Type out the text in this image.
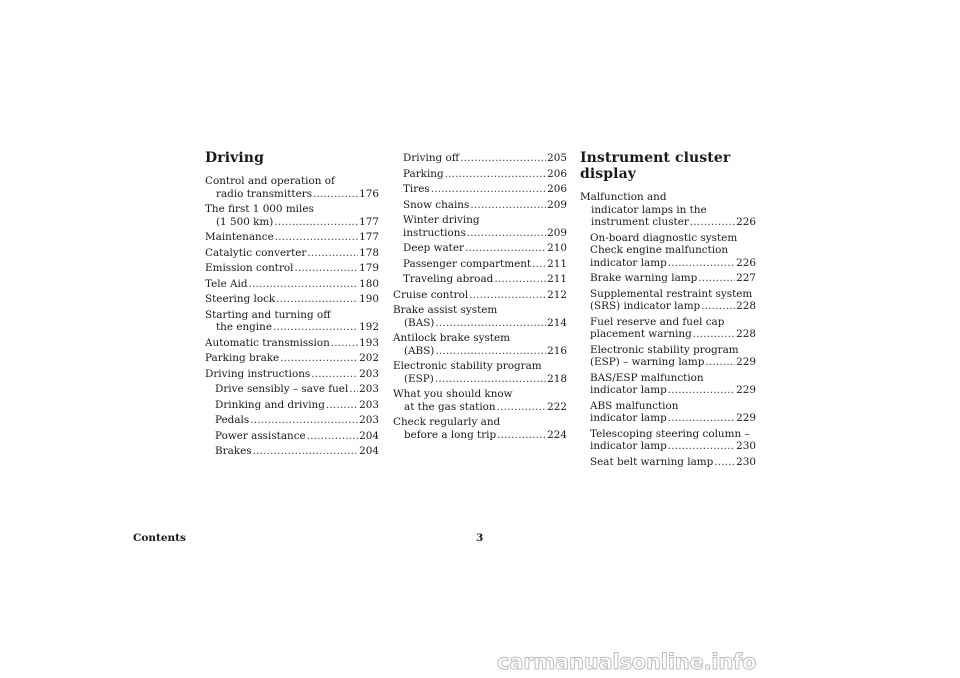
Driving
Control and operation of
radio transmitters .....	176
The first 1 000 miles
(1 500 km) .....	177
Maintenance .....	177
Catalytic converter .....	178
Emission control .....	179
Tele Aid .....	180
Steering lock .....	190
Starting and turning off
the engine .....	192
Automatic transmission .....	193
Parking brake .....	202
Driving instructions .....	203
Drive sensibly – save fuel ..... 203
Drinking and driving .....	203
Pedals .....	203
Power assistance .....	204
Brakes .....	204
Driving off .....	205
Parking .....	206
Tires .....	206
Snow chains .....	209
Winter driving
instructions .....	209
Deep water .....	210
Passenger compartment ..... 211
Traveling abroad .....	211
Cruise control .....	212
Brake assist system
(BAS) .....	214
Antilock brake system
(ABS) .....	216
Electronic stability program
(ESP) .....	218
What you should know
at the gas station .....	222
Check regularly and
before a long trip .....	224
Instrument cluster display
Malfunction and
indicator lamps in the
instrument cluster .....	226
On-board diagnostic system
Check engine malfunction
indicator lamp .....	226
Brake warning lamp .....	227
Supplemental restraint system
(SRS) indicator lamp .....	228
Fuel reserve and fuel cap
placement warning .....	228
Electronic stability program
(ESP) – warning lamp .....	229
BAS/ESP malfunction
indicator lamp .....	229
ABS malfunction
indicator lamp .....	229
Telescoping steering column –
indicator lamp .....	230
Seat belt warning lamp ..... 230
Contents	3
carmanualsonline.info
